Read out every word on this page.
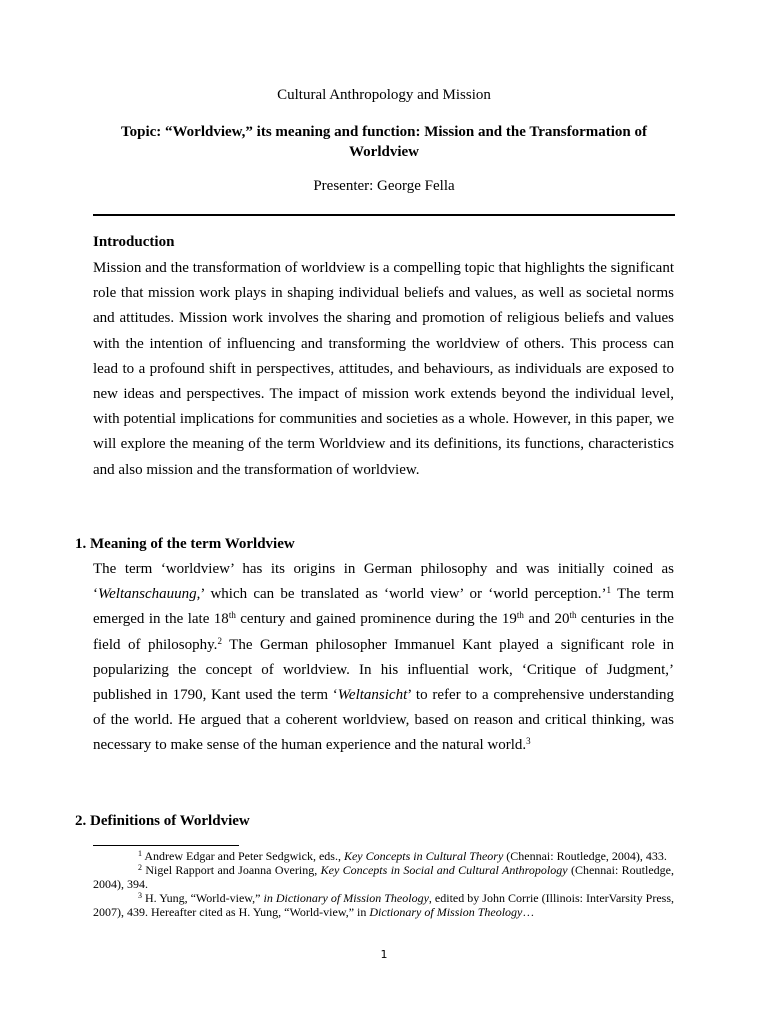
Cultural Anthropology and Mission
Topic: “Worldview,” its meaning and function: Mission and the Transformation of Worldview
Presenter: George Fella
Introduction
Mission and the transformation of worldview is a compelling topic that highlights the significant role that mission work plays in shaping individual beliefs and values, as well as societal norms and attitudes. Mission work involves the sharing and promotion of religious beliefs and values with the intention of influencing and transforming the worldview of others. This process can lead to a profound shift in perspectives, attitudes, and behaviours, as individuals are exposed to new ideas and perspectives. The impact of mission work extends beyond the individual level, with potential implications for communities and societies as a whole. However, in this paper, we will explore the meaning of the term Worldview and its definitions, its functions, characteristics and also mission and the transformation of worldview.
1. Meaning of the term Worldview
The term ‘worldview’ has its origins in German philosophy and was initially coined as ‘Weltanschauung,’ which can be translated as ‘world view’ or ‘world perception.’$^1$ The term emerged in the late 18th century and gained prominence during the 19th and 20th centuries in the field of philosophy.$^2$ The German philosopher Immanuel Kant played a significant role in popularizing the concept of worldview. In his influential work, ‘Critique of Judgment,’ published in 1790, Kant used the term ‘Weltansicht’ to refer to a comprehensive understanding of the world. He argued that a coherent worldview, based on reason and critical thinking, was necessary to make sense of the human experience and the natural world.$^3$
2. Definitions of Worldview

$^1$ Andrew Edgar and Peter Sedgwick, eds., Key Concepts in Cultural Theory (Chennai: Routledge, 2004), 433.

$^2$ Nigel Rapport and Joanna Overing, Key Concepts in Social and Cultural Anthropology (Chennai: Routledge, 2004), 394.

$^3$ H. Yung, “World-view,” in Dictionary of Mission Theology, edited by John Corrie (Illinois: InterVarsity Press, 2007), 439. Hereafter cited as H. Yung, “World-view,” in Dictionary of Mission Theology…

1
